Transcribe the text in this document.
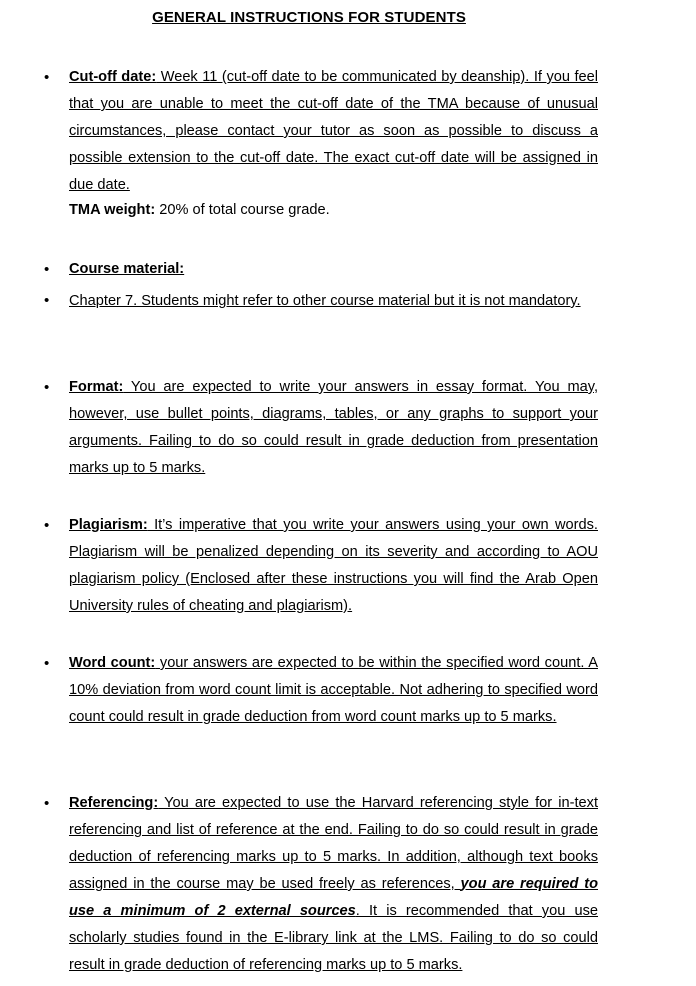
GENERAL INSTRUCTIONS FOR STUDENTS
• Cut-off date: Week 11 (cut-off date to be communicated by deanship). If you feel that you are unable to meet the cut-off date of the TMA because of unusual circumstances, please contact your tutor as soon as possible to discuss a possible extension to the cut-off date. The exact cut-off date will be assigned in due date.
TMA weight: 20% of total course grade.
• Course material:
• Chapter 7. Students might refer to other course material but it is not mandatory.
• Format: You are expected to write your answers in essay format. You may, however, use bullet points, diagrams, tables, or any graphs to support your arguments. Failing to do so could result in grade deduction from presentation marks up to 5 marks.
• Plagiarism: It’s imperative that you write your answers using your own words. Plagiarism will be penalized depending on its severity and according to AOU plagiarism policy (Enclosed after these instructions you will find the Arab Open University rules of cheating and plagiarism).
• Word count: your answers are expected to be within the specified word count. A 10% deviation from word count limit is acceptable. Not adhering to specified word count could result in grade deduction from word count marks up to 5 marks.
• Referencing: You are expected to use the Harvard referencing style for in-text referencing and list of reference at the end. Failing to do so could result in grade deduction of referencing marks up to 5 marks. In addition, although text books assigned in the course may be used freely as references, you are required to use a minimum of 2 external sources. It is recommended that you use scholarly studies found in the E-library link at the LMS. Failing to do so could result in grade deduction of referencing marks up to 5 marks.
